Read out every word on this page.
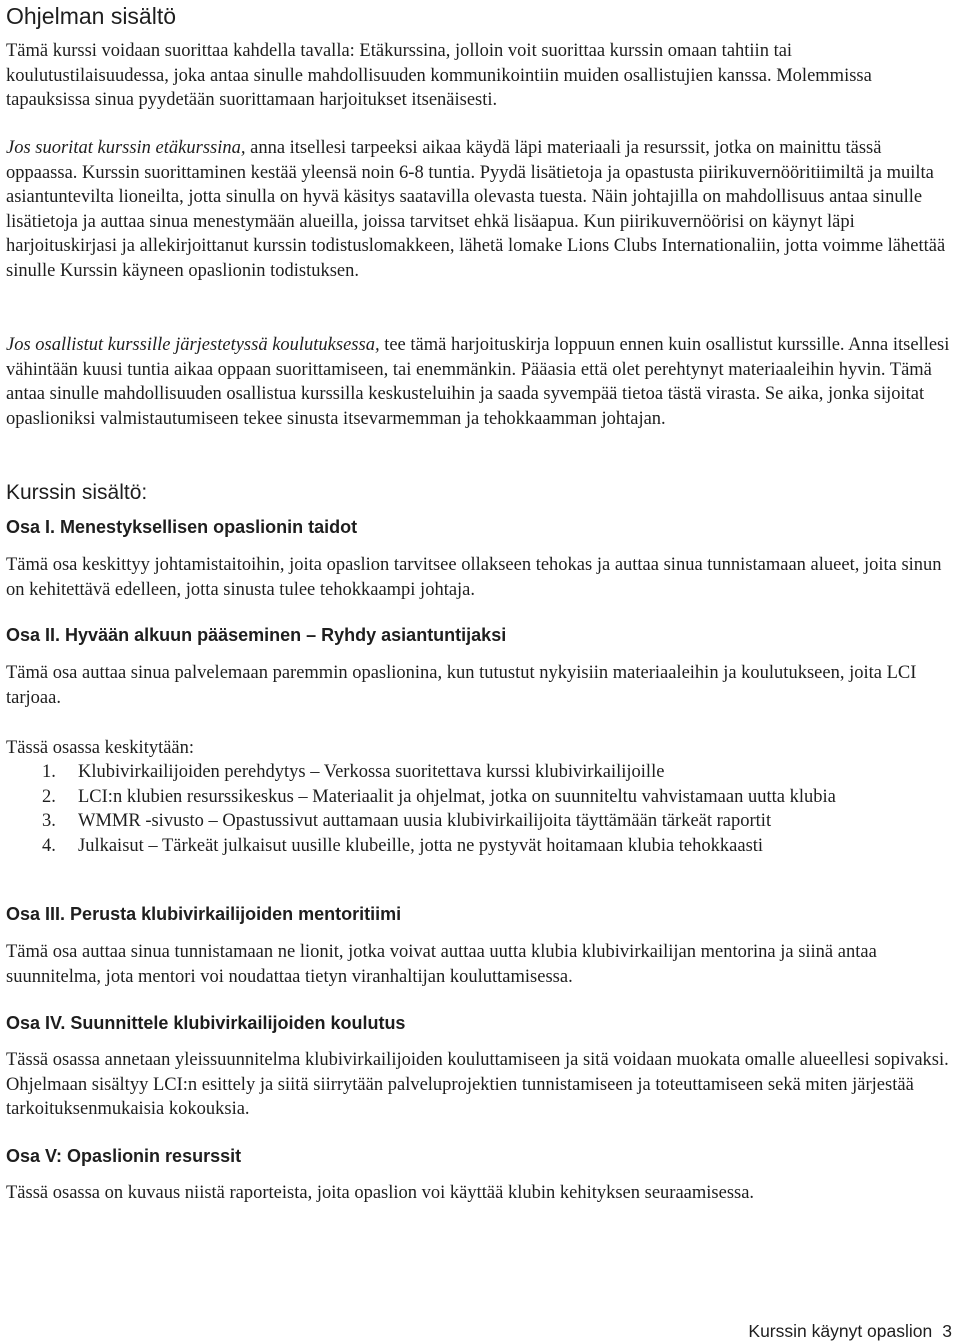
Ohjelman sisältö

Tämä kurssi voidaan suorittaa kahdella tavalla: Etäkurssina, jolloin voit suorittaa kurssin omaan tahtiin tai koulutustilaisuudessa, joka antaa sinulle mahdollisuuden kommunikointiin muiden osallistujien kanssa. Molemmissa tapauksissa sinua pyydetään suorittamaan harjoitukset itsenäisesti.

Jos suoritat kurssin etäkurssina, anna itsellesi tarpeeksi aikaa käydä läpi materiaali ja resurssit, jotka on mainittu tässä oppaassa. Kurssin suorittaminen kestää yleensä noin 6-8 tuntia. Pyydä lisätietoja ja opastusta piirikuvernööritiimiltä ja muilta asiantuntevilta lioneilta, jotta sinulla on hyvä käsitys saatavilla olevasta tuesta. Näin johtajilla on mahdollisuus antaa sinulle lisätietoja ja auttaa sinua menestymään alueilla, joissa tarvitset ehkä lisäapua. Kun piirikuvernöörisi on käynyt läpi harjoituskirjasi ja allekirjoittanut kurssin todistuslomakkeen, lähetä lomake Lions Clubs Internationaliin, jotta voimme lähettää sinulle Kurssin käyneen opaslionin todistuksen.

Jos osallistut kurssille järjestetyssä koulutuksessa, tee tämä harjoituskirja loppuun ennen kuin osallistut kurssille. Anna itsellesi vähintään kuusi tuntia aikaa oppaan suorittamiseen, tai enemmänkin. Pääasia että olet perehtynyt materiaaleihin hyvin. Tämä antaa sinulle mahdollisuuden osallistua kurssilla keskusteluihin ja saada syvempää tietoa tästä virasta. Se aika, jonka sijoitat opaslioniksi valmistautumiseen tekee sinusta itsevarmemman ja tehokkaamman johtajan.

Kurssin sisältö:
Osa I. Menestyksellisen opaslionin taidot

Tämä osa keskittyy johtamistaitoihin, joita opaslion tarvitsee ollakseen tehokas ja auttaa sinua tunnistamaan alueet, joita sinun on kehitettävä edelleen, jotta sinusta tulee tehokkaampi johtaja.

Osa II. Hyvään alkuun pääseminen – Ryhdy asiantuntijaksi

Tämä osa auttaa sinua palvelemaan paremmin opaslionina, kun tutustut nykyisiin materiaaleihin ja koulutukseen, joita LCI tarjoaa.

Tässä osassa keskitytään:

1. Klubivirkailijoiden perehdytys – Verkossa suoritettava kurssi klubivirkailijoille
2. LCI:n klubien resurssikeskus – Materiaalit ja ohjelmat, jotka on suunniteltu vahvistamaan uutta klubia
3. WMMR -sivusto – Opastussivut auttamaan uusia klubivirkailijoita täyttämään tärkeät raportit
4. Julkaisut – Tärkeät julkaisut uusille klubeille, jotta ne pystyvät hoitamaan klubia tehokkaasti
Osa III. Perusta klubivirkailijoiden mentoritiimi

Tämä osa auttaa sinua tunnistamaan ne lionit, jotka voivat auttaa uutta klubia klubivirkailijan mentorina ja siinä antaa suunnitelma, jota mentori voi noudattaa tietyn viranhaltijan kouluttamisessa.

Osa IV. Suunnittele klubivirkailijoiden koulutus

Tässä osassa annetaan yleissuunnitelma klubivirkailijoiden kouluttamiseen ja sitä voidaan muokata omalle alueellesi sopivaksi. Ohjelmaan sisältyy LCI:n esittely ja siitä siirrytään palveluprojektien tunnistamiseen ja toteuttamiseen sekä miten järjestää tarkoituksenmukaisia kokouksia.

Osa V: Opaslionin resurssit

Tässä osassa on kuvaus niistä raporteista, joita opaslion voi käyttää klubin kehityksen seuraamisessa.

Kurssin käynyt opaslion 3
